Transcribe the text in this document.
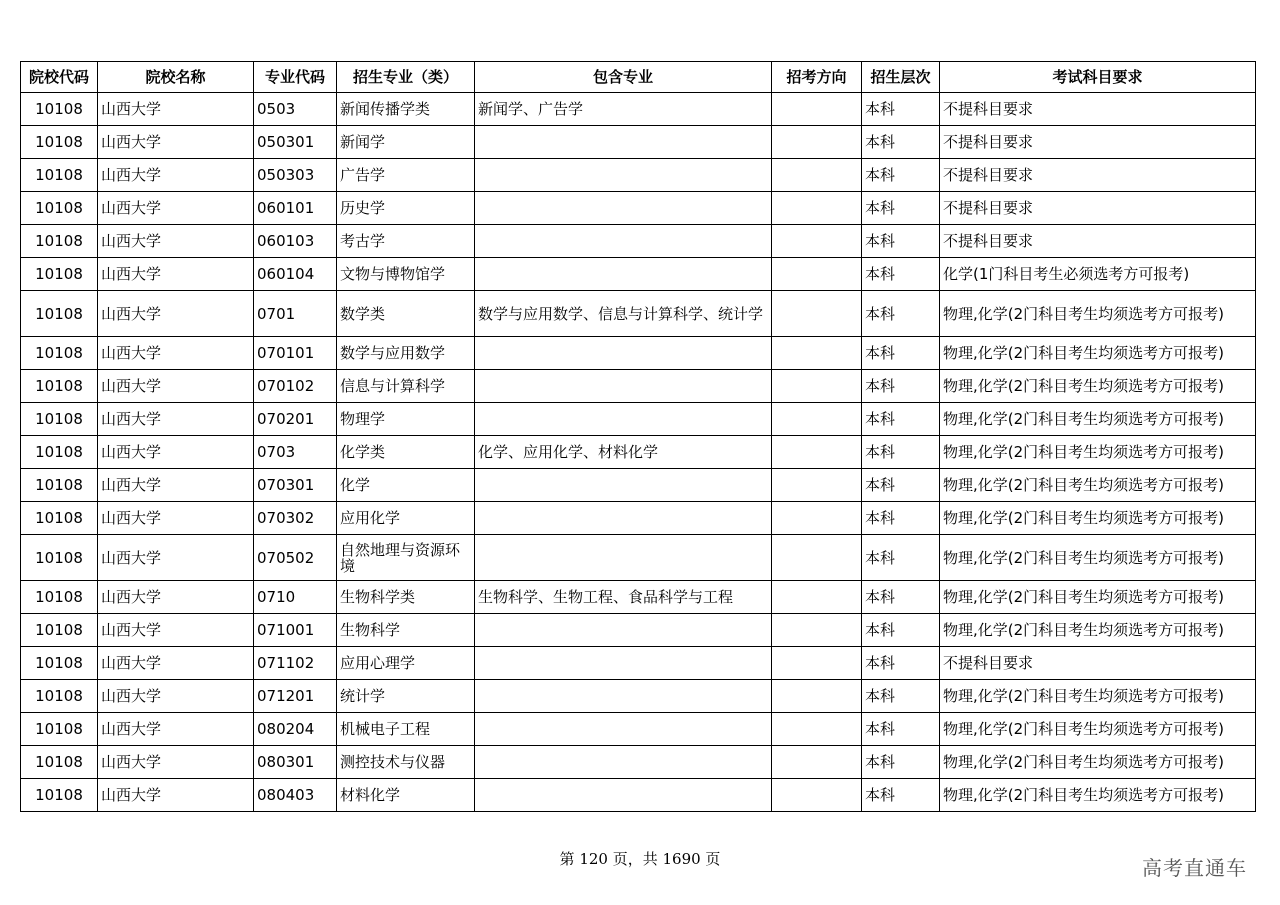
院校代码	院校名称	专业代码	招生专业（类）	包含专业	招考方向	招生层次	考试科目要求
10108	山西大学	0503	新闻传播学类	新闻学、广告学		本科	不提科目要求
10108	山西大学	050301	新闻学			本科	不提科目要求
10108	山西大学	050303	广告学			本科	不提科目要求
10108	山西大学	060101	历史学			本科	不提科目要求
10108	山西大学	060103	考古学			本科	不提科目要求
10108	山西大学	060104	文物与博物馆学			本科	化学(1门科目考生必须选考方可报考)
10108	山西大学	0701	数学类	数学与应用数学、信息与计算科学、统计学		本科	物理,化学(2门科目考生均须选考方可报考)
10108	山西大学	070101	数学与应用数学			本科	物理,化学(2门科目考生均须选考方可报考)
10108	山西大学	070102	信息与计算科学			本科	物理,化学(2门科目考生均须选考方可报考)
10108	山西大学	070201	物理学			本科	物理,化学(2门科目考生均须选考方可报考)
10108	山西大学	0703	化学类	化学、应用化学、材料化学		本科	物理,化学(2门科目考生均须选考方可报考)
10108	山西大学	070301	化学			本科	物理,化学(2门科目考生均须选考方可报考)
10108	山西大学	070302	应用化学			本科	物理,化学(2门科目考生均须选考方可报考)
10108	山西大学	070502	自然地理与资源环境			本科	物理,化学(2门科目考生均须选考方可报考)
10108	山西大学	0710	生物科学类	生物科学、生物工程、食品科学与工程		本科	物理,化学(2门科目考生均须选考方可报考)
10108	山西大学	071001	生物科学			本科	物理,化学(2门科目考生均须选考方可报考)
10108	山西大学	071102	应用心理学			本科	不提科目要求
10108	山西大学	071201	统计学			本科	物理,化学(2门科目考生均须选考方可报考)
10108	山西大学	080204	机械电子工程			本科	物理,化学(2门科目考生均须选考方可报考)
10108	山西大学	080301	测控技术与仪器			本科	物理,化学(2门科目考生均须选考方可报考)
10108	山西大学	080403	材料化学			本科	物理,化学(2门科目考生均须选考方可报考)
第 120 页，共 1690 页	高考直通车
